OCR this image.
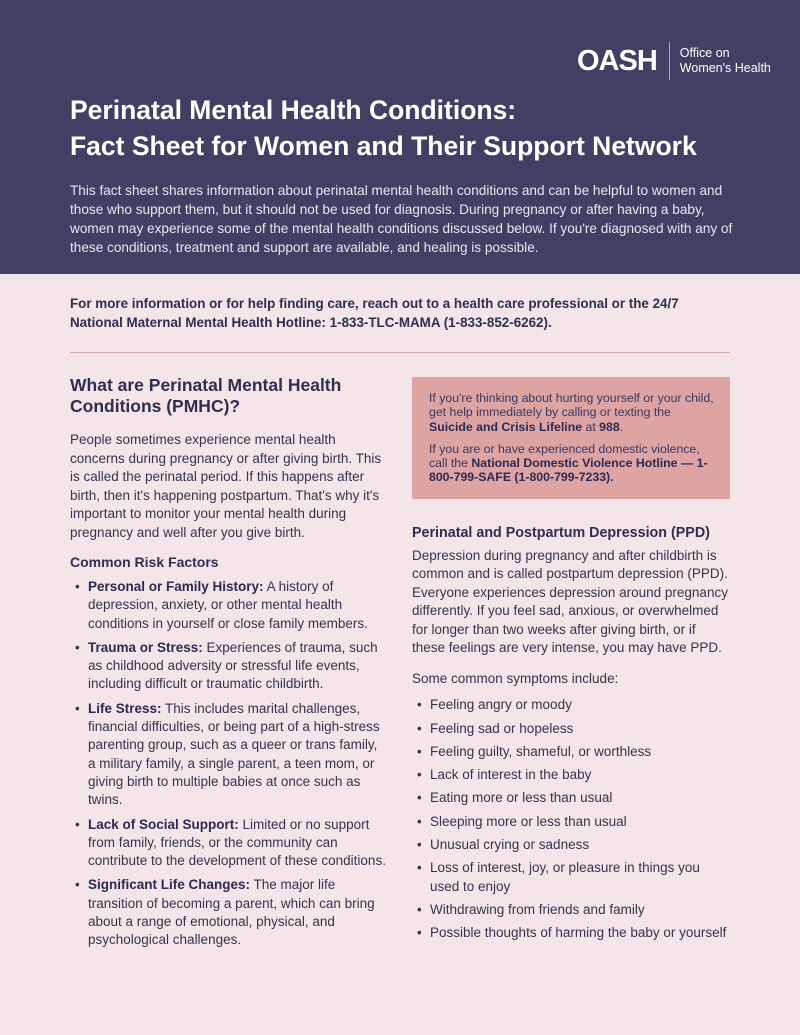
OASH Office on
Women's Health
Perinatal Mental Health Conditions:
Fact Sheet for Women and Their Support Network

This fact sheet shares information about perinatal mental health conditions and can be helpful to women and those who support them, but it should not be used for diagnosis. During pregnancy or after having a baby, women may experience some of the mental health conditions discussed below. If you're diagnosed with any of these conditions, treatment and support are available, and healing is possible.

For more information or for help finding care, reach out to a health care professional or the 24/7 National Maternal Mental Health Hotline: 1-833-TLC-MAMA (1-833-852-6262).

What are Perinatal Mental Health Conditions (PMHC)?

People sometimes experience mental health concerns during pregnancy or after giving birth. This is called the perinatal period. If this happens after birth, then it's happening postpartum. That's why it's important to monitor your mental health during pregnancy and well after you give birth.

Common Risk Factors
• Personal or Family History: A history of depression, anxiety, or other mental health conditions in yourself or close family members.
• Trauma or Stress: Experiences of trauma, such as childhood adversity or stressful life events, including difficult or traumatic childbirth.
• Life Stress: This includes marital challenges, financial difficulties, or being part of a high-stress parenting group, such as a queer or trans family, a military family, a single parent, a teen mom, or giving birth to multiple babies at once such as twins.
• Lack of Social Support: Limited or no support from family, friends, or the community can contribute to the development of these conditions.
• Significant Life Changes: The major life transition of becoming a parent, which can bring about a range of emotional, physical, and psychological challenges.

If you're thinking about hurting yourself or your child, get help immediately by calling or texting the Suicide and Crisis Lifeline at 988.

If you are or have experienced domestic violence, call the National Domestic Violence Hotline — 1-800-799-SAFE (1-800-799-7233).

Perinatal and Postpartum Depression (PPD)

Depression during pregnancy and after childbirth is common and is called postpartum depression (PPD). Everyone experiences depression around pregnancy differently. If you feel sad, anxious, or overwhelmed for longer than two weeks after giving birth, or if these feelings are very intense, you may have PPD.

Some common symptoms include:

• Feeling angry or moody
• Feeling sad or hopeless
• Feeling guilty, shameful, or worthless
• Lack of interest in the baby
• Eating more or less than usual
• Sleeping more or less than usual
• Unusual crying or sadness
• Loss of interest, joy, or pleasure in things you used to enjoy
• Withdrawing from friends and family
• Possible thoughts of harming the baby or yourself
